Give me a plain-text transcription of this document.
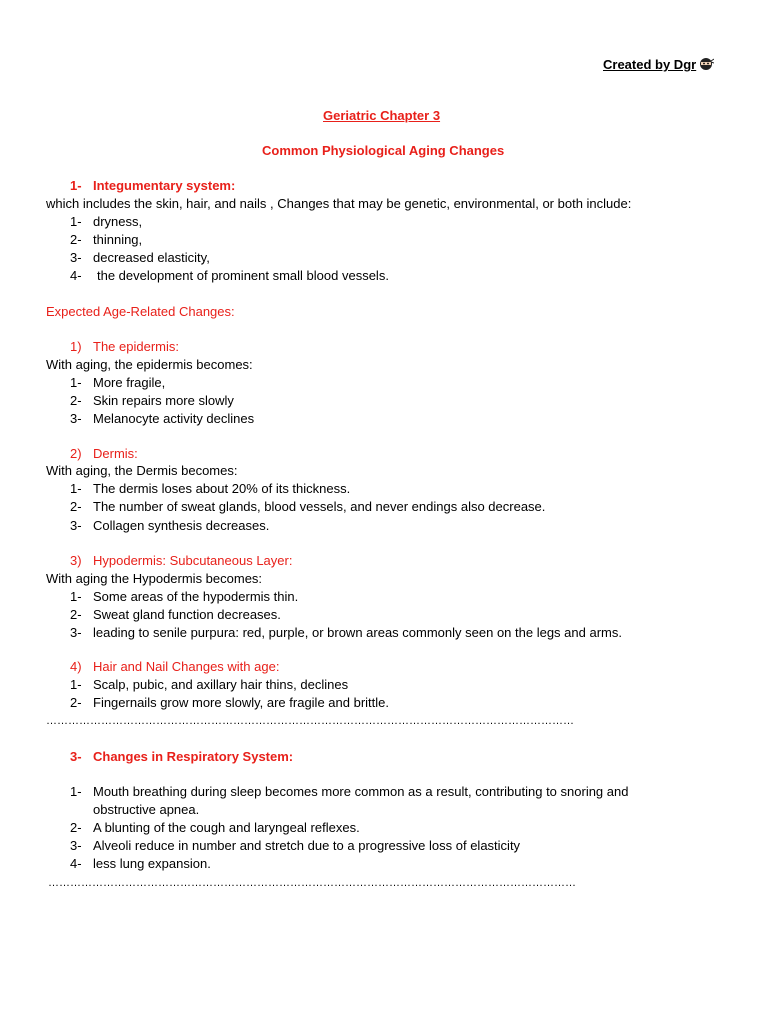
Created by Dgr
Geriatric Chapter 3
Common Physiological Aging Changes
1- Integumentary system:
which includes the skin, hair, and nails , Changes that may be genetic, environmental, or both include:
1- dryness,
2- thinning,
3- decreased elasticity,
4- the development of prominent small blood vessels.
Expected Age-Related Changes:
1) The epidermis:
With aging, the epidermis becomes:
1- More fragile,
2- Skin repairs more slowly
3- Melanocyte activity declines
2) Dermis:
With aging, the Dermis becomes:
1- The dermis loses about 20% of its thickness.
2- The number of sweat glands, blood vessels, and never endings also decrease.
3- Collagen synthesis decreases.
3) Hypodermis: Subcutaneous Layer:
With aging the Hypodermis becomes:
1- Some areas of the hypodermis thin.
2- Sweat gland function decreases.
3- leading to senile purpura: red, purple, or brown areas commonly seen on the legs and arms.
4) Hair and Nail Changes with age:
1- Scalp, pubic, and axillary hair thins, declines
2- Fingernails grow more slowly, are fragile and brittle.
………………………………………………………………………………………………………………………………
3- Changes in Respiratory System:
1- Mouth breathing during sleep becomes more common as a result, contributing to snoring and obstructive apnea.
2- A blunting of the cough and laryngeal reflexes.
3- Alveoli reduce in number and stretch due to a progressive loss of elasticity
4- less lung expansion.
………………………………………………………………………………………………………………………………
